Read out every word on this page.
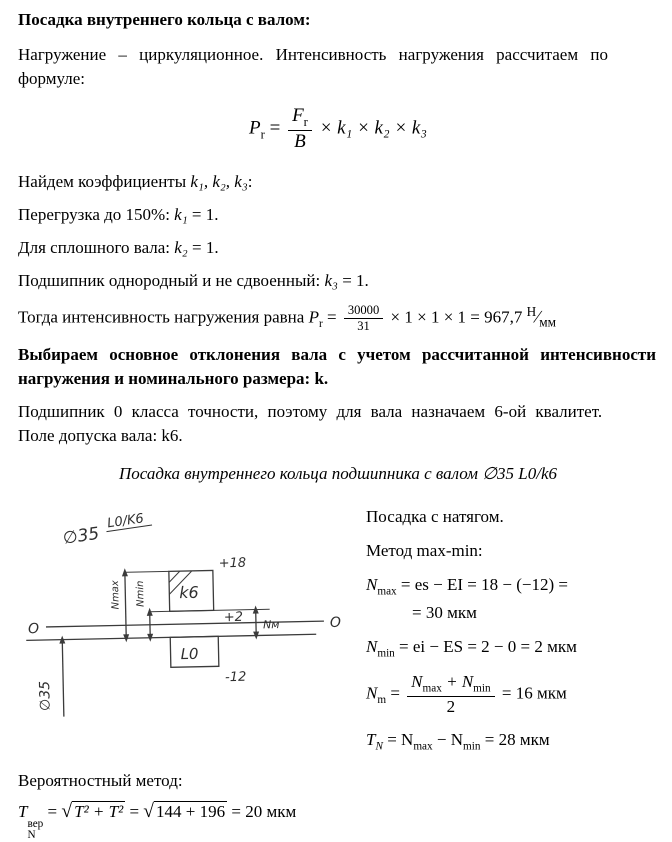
Посадка внутреннего кольца с валом:

Нагружение – циркуляционное. Интенсивность нагружения рассчитаем по
формуле:

$P_r = \frac{F_r}{B} \times k_1 \times k_2 \times k_3$

Найдем коэффициенты k₁, k₂, k₃:

Перегрузка до 150%: k₁ = 1.

Для сплошного вала: k₂ = 1.

Подшипник однородный и не сдвоенный: k₃ = 1.

Тогда интенсивность нагружения равна $P_r = \frac{30000}{31} \times 1 \times 1 \times 1 = 967,7$ $^Н∕_{мм}$

Выбираем основное отклонения вала с учетом рассчитанной интенсивности
нагружения и номинального размера: k.

Подшипник 0 класса точности, поэтому для вала назначаем 6-ой квалитет.
Поле допуска вала: k6.

Посадка внутреннего кольца подшипника с валом ∅35 L0/k6

∅35
L0/K6
O	O
k6
L0
+18
+2
-12
Nmax Nmin
Nм
∅35

Посадка с натягом.

Метод max-min:

$N_{max}$ = es − EI = 18 − (−12) =
= 30 мкм

$N_{min}$ = ei − ES = 2 − 0 = 2 мкм

$N_m = \frac{N_{max} + N_{min}}{2} = 16$ мкм

$T_N = N_{max} - N_{min} = 28$ мкм

Вероятностный метод:

T
вер
N
= √ T² + T² = √ 144 + 196 = 20 мкм
